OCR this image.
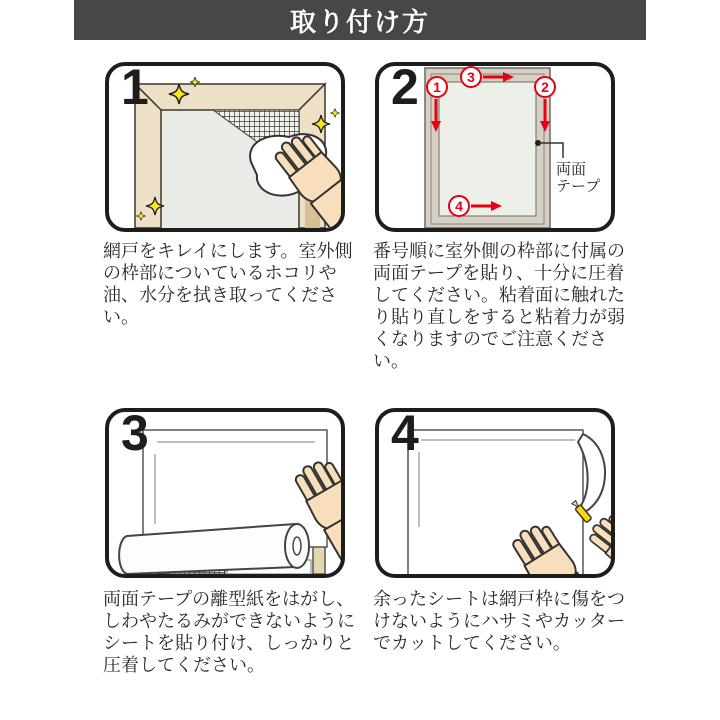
取り付け方
1

網戸をキレイにします。室外側の枠部についているホコリや油、水分を拭き取ってください。

1	2
3
4
両面
テープ
2

番号順に室外側の枠部に付属の両面テープを貼り、十分に圧着してください。粘着面に触れたり貼り直しをすると粘着力が弱くなりますのでご注意ください。

3

両面テープの離型紙をはがし、しわやたるみができないようにシートを貼り付け、しっかりと圧着してください。

4

余ったシートは網戸枠に傷をつけないようにハサミやカッターでカットしてください。
